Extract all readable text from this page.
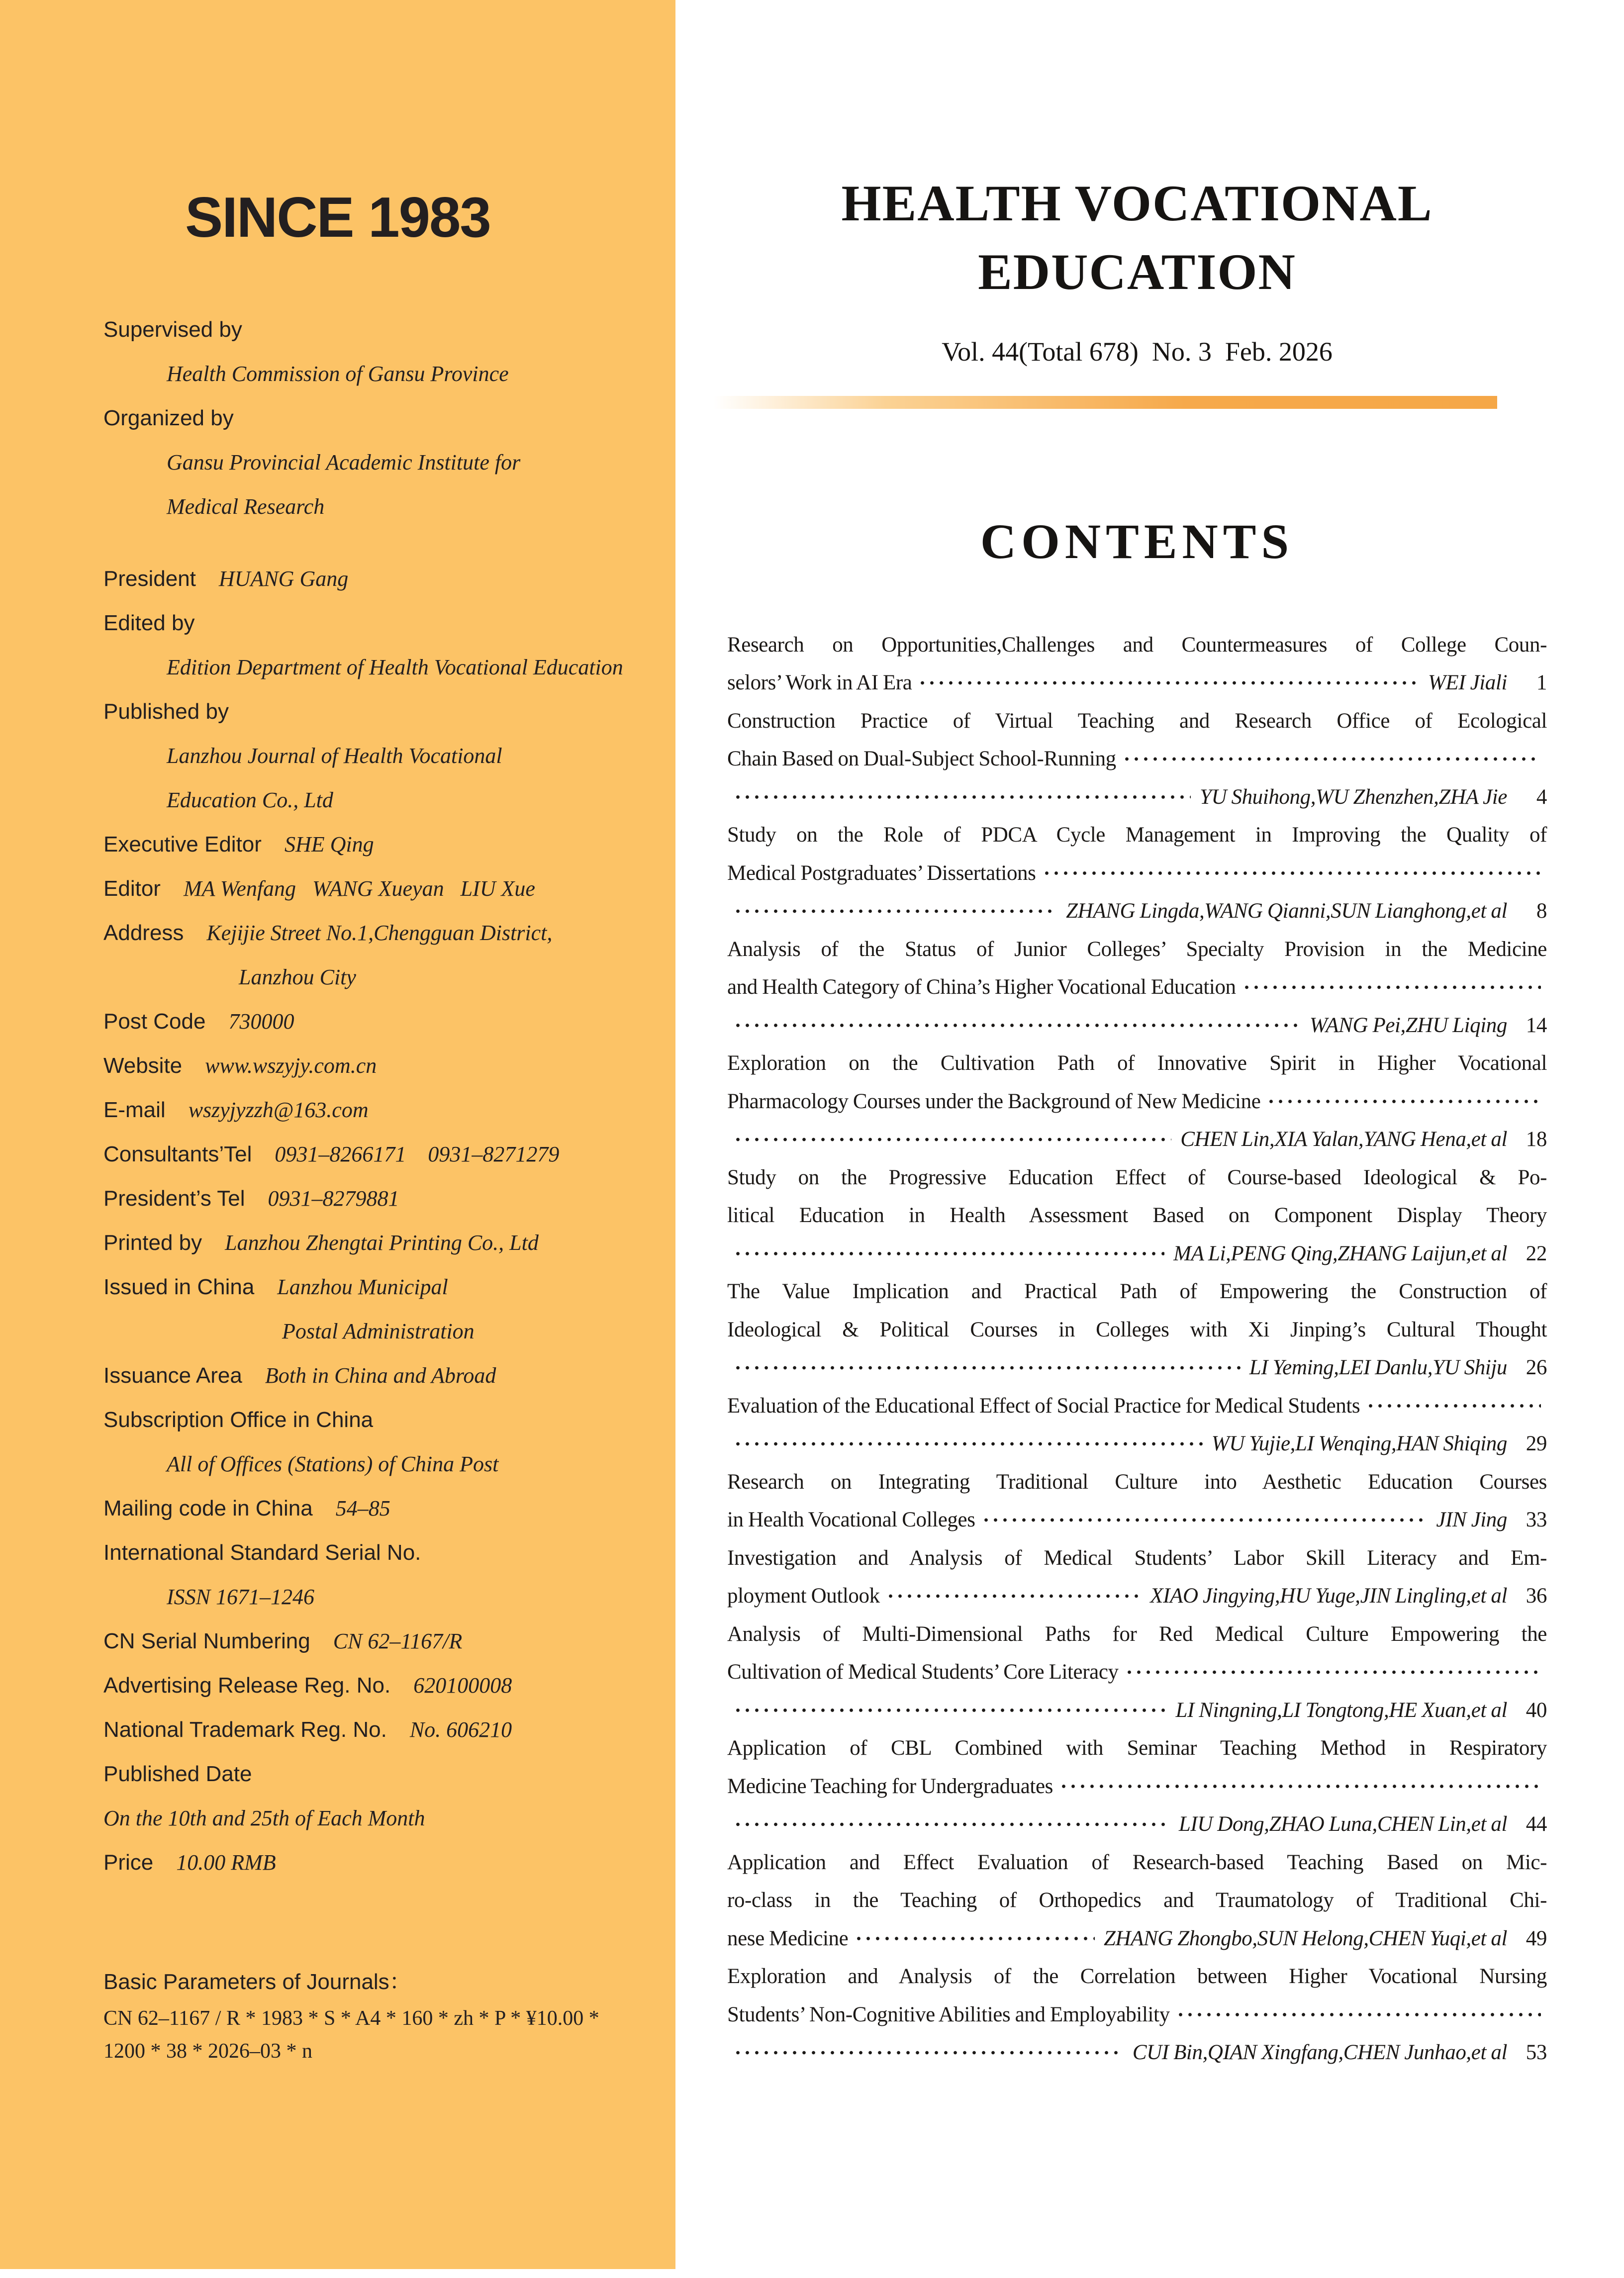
SINCE 1983
Supervised by
Health Commission of Gansu Province
Organized by
Gansu Provincial Academic Institute for
Medical Research
President HUANG Gang
Edited by
Edition Department of Health Vocational Education
Published by
Lanzhou Journal of Health Vocational
Education Co., Ltd
Executive Editor SHE Qing
Editor MA Wenfang   WANG Xueyan   LIU Xue
Address Kejijie Street No.1,Chengguan District,
Lanzhou City
Post Code 730000
Website www.wszyjy.com.cn
E-mail wszyjyzzh@163.com
Consultants’Tel 0931–8266171    0931–8271279
President’s Tel 0931–8279881
Printed by Lanzhou Zhengtai Printing Co., Ltd
Issued in China Lanzhou Municipal
Postal Administration
Issuance Area Both in China and Abroad
Subscription Office in China
All of Offices (Stations) of China Post
Mailing code in China 54–85
International Standard Serial No.
ISSN 1671–1246
CN Serial Numbering CN 62–1167/R
Advertising Release Reg. No. 620100008
National Trademark Reg. No. No. 606210
Published Date
On the 10th and 25th of Each Month
Price 10.00 RMB
Basic Parameters of Journals：
CN 62–1167 / R * 1983 * S * A4 * 160 * zh * P * ¥10.00 *
1200 * 38 * 2026–03 * n
HEALTH VOCATIONAL
EDUCATION
Vol. 44(Total 678)  No. 3  Feb. 2026
CONTENTS
Research on Opportunities,Challenges and Countermeasures of College Coun-
selors’ Work in AI Era	WEI Jiali	1
Construction Practice of Virtual Teaching and Research Office of Ecological
Chain Based on Dual-Subject School-Running
YU Shuihong,WU Zhenzhen,ZHA Jie	4
Study on the Role of PDCA Cycle Management in Improving the Quality of
Medical Postgraduates’ Dissertations
ZHANG Lingda,WANG Qianni,SUN Lianghong,et al	8
Analysis of the Status of Junior Colleges’ Specialty Provision in the Medicine
and Health Category of China’s Higher Vocational Education
WANG Pei,ZHU Liqing 14
Exploration on the Cultivation Path of Innovative Spirit in Higher Vocational
Pharmacology Courses under the Background of New Medicine
CHEN Lin,XIA Yalan,YANG Hena,et al 18
Study on the Progressive Education Effect of Course-based Ideological & Po-
litical Education in Health Assessment Based on Component Display Theory
MA Li,PENG Qing,ZHANG Laijun,et al 22
The Value Implication and Practical Path of Empowering the Construction of
Ideological & Political Courses in Colleges with Xi Jinping’s Cultural Thought
LI Yeming,LEI Danlu,YU Shiju 26
Evaluation of the Educational Effect of Social Practice for Medical Students
WU Yujie,LI Wenqing,HAN Shiqing 29
Research on Integrating Traditional Culture into Aesthetic Education Courses
in Health Vocational Colleges	JIN Jing 33
Investigation and Analysis of Medical Students’ Labor Skill Literacy and Em-
ployment Outlook	XIAO Jingying,HU Yuge,JIN Lingling,et al 36
Analysis of Multi-Dimensional Paths for Red Medical Culture Empowering the
Cultivation of Medical Students’ Core Literacy
LI Ningning,LI Tongtong,HE Xuan,et al 40
Application of CBL Combined with Seminar Teaching Method in Respiratory
Medicine Teaching for Undergraduates
LIU Dong,ZHAO Luna,CHEN Lin,et al 44
Application and Effect Evaluation of Research-based Teaching Based on Mic-
ro-class in the Teaching of Orthopedics and Traumatology of Traditional Chi-
nese Medicine	ZHANG Zhongbo,SUN Helong,CHEN Yuqi,et al 49
Exploration and Analysis of the Correlation between Higher Vocational Nursing
Students’ Non-Cognitive Abilities and Employability
CUI Bin,QIAN Xingfang,CHEN Junhao,et al 53
